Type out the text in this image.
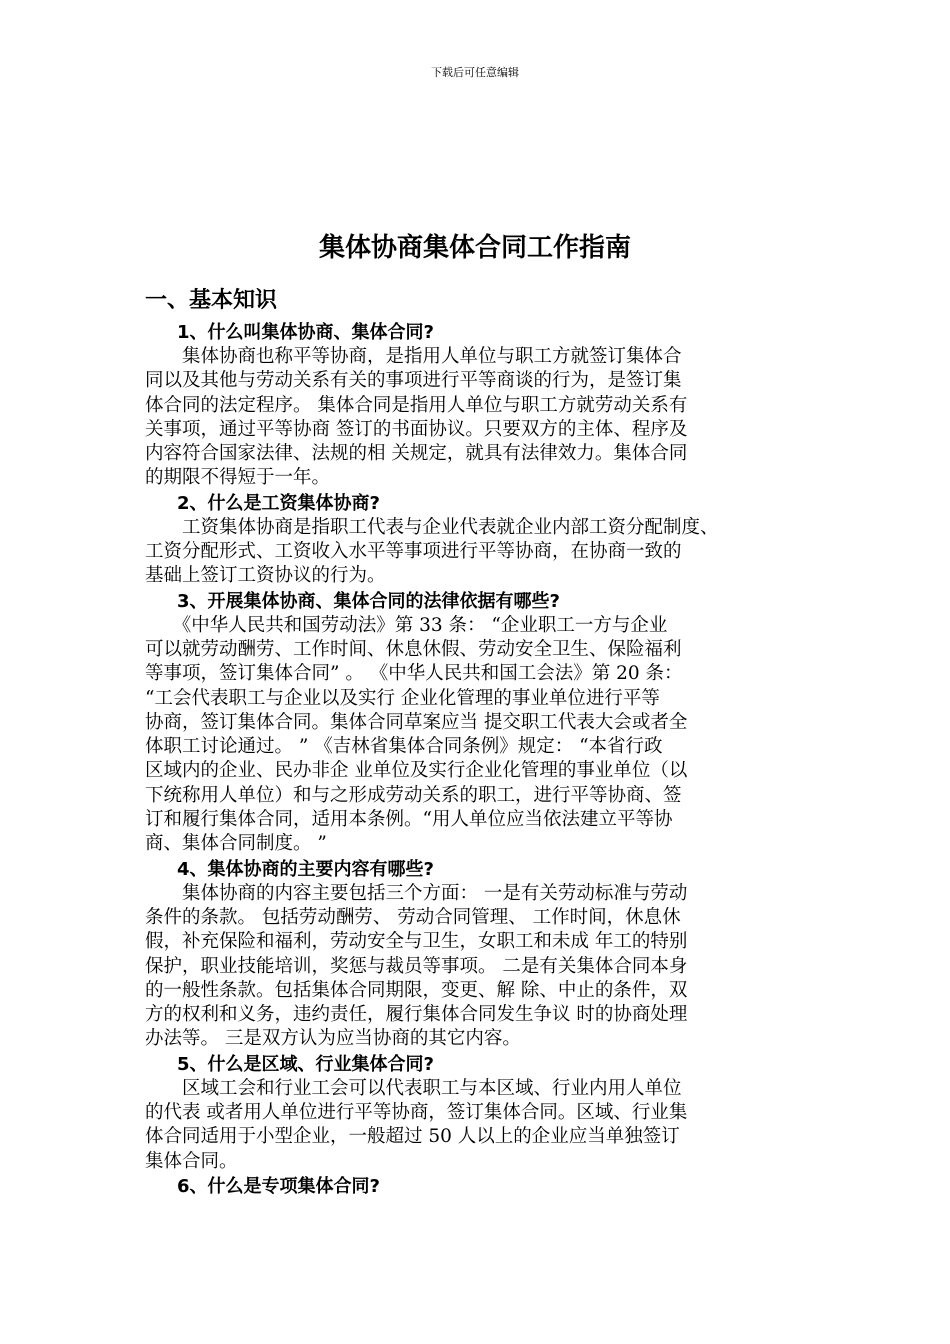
下载后可任意编辑
集体协商集体合同工作指南
一、基本知识

1、什么叫集体协商、集体合同?

　　集体协商也称平等协商，是指用人单位与职工方就签订集体合
同以及其他与劳动关系有关的事项进行平等商谈的行为，是签订集
体合同的法定程序。 集体合同是指用人单位与职工方就劳动关系有
关事项，通过平等协商 签订的书面协议。只要双方的主体、程序及
内容符合国家法律、法规的相 关规定，就具有法律效力。集体合同
的期限不得短于一年。

2、什么是工资集体协商?

　　工资集体协商是指职工代表与企业代表就企业内部工资分配制度、
工资分配形式、工资收入水平等事项进行平等协商，在协商一致的
基础上签订工资协议的行为。

3、开展集体协商、集体合同的法律依据有哪些?

　　《中华人民共和国劳动法》第 33 条： “企业职工一方与企业
可以就劳动酬劳、工作时间、休息休假、劳动安全卫生、保险福利
等事项，签订集体合同” 。 《中华人民共和国工会法》第 20 条：
“工会代表职工与企业以及实行 企业化管理的事业单位进行平等
协商，签订集体合同。集体合同草案应当 提交职工代表大会或者全
体职工讨论通过。 ” 《吉林省集体合同条例》规定： “本省行政
区域内的企业、民办非企 业单位及实行企业化管理的事业单位（以
下统称用人单位）和与之形成劳动关系的职工，进行平等协商、签
订和履行集体合同，适用本条例。“用人单位应当依法建立平等协
商、集体合同制度。 ”

4、集体协商的主要内容有哪些?

　　集体协商的内容主要包括三个方面： 一是有关劳动标准与劳动
条件的条款。 包括劳动酬劳、 劳动合同管理、 工作时间，休息休
假，补充保险和福利，劳动安全与卫生，女职工和未成 年工的特别
保护，职业技能培训，奖惩与裁员等事项。 二是有关集体合同本身
的一般性条款。包括集体合同期限，变更、解 除、中止的条件，双
方的权利和义务，违约责任，履行集体合同发生争议 时的协商处理
办法等。 三是双方认为应当协商的其它内容。

5、什么是区域、行业集体合同?

　　区域工会和行业工会可以代表职工与本区域、行业内用人单位
的代表 或者用人单位进行平等协商，签订集体合同。区域、行业集
体合同适用于小型企业，一般超过 50 人以上的企业应当单独签订
集体合同。

6、什么是专项集体合同?
